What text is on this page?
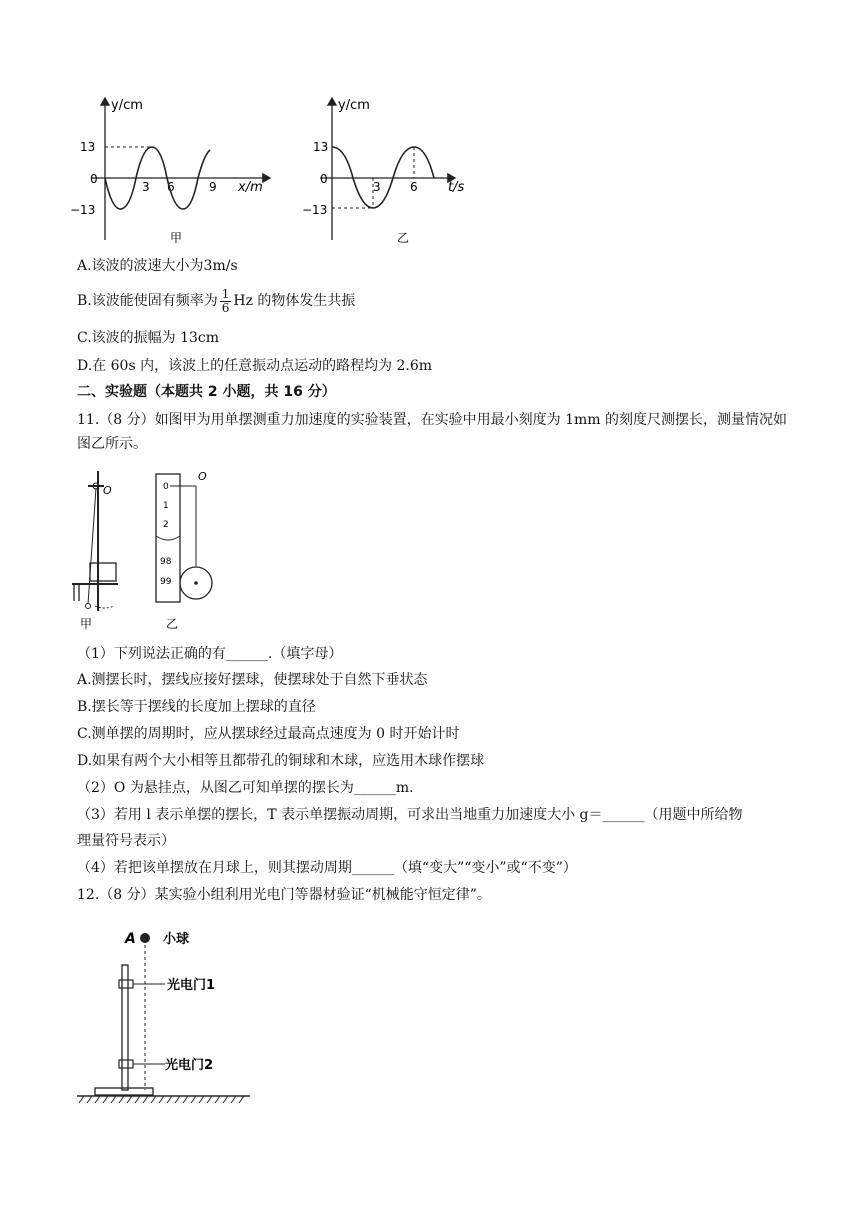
y/cm
x/m
13
0
−13
3 6	9
甲
y/cm
t/s
13
0
−13
3 6
乙
A.该波的波速大小为3m/s
B.该波能使固有频率为 $\frac{1}{6}$ Hz 的物体发生共振
C.该波的振幅为 13cm
D.在 60s 内，该波上的任意振动点运动的路程均为 2.6m
二、实验题（本题共 2 小题，共 16 分）
11.（8 分）如图甲为用单摆测重力加速度的实验装置，在实验中用最小刻度为 1mm 的刻度尺测摆长，测量情况如图乙所示。
O
甲
0
1
2
98
99
O
乙
（1）下列说法正确的有______.（填字母）
A.测摆长时，摆线应接好摆球，使摆球处于自然下垂状态
B.摆长等于摆线的长度加上摆球的直径
C.测单摆的周期时，应从摆球经过最高点速度为 0 时开始计时
D.如果有两个大小相等且都带孔的铜球和木球，应选用木球作摆球
（2）O 为悬挂点，从图乙可知单摆的摆长为______m.
（3）若用 l 表示单摆的摆长，T 表示单摆振动周期，可求出当地重力加速度大小 g＝______（用题中所给物
理量符号表示）
（4）若把该单摆放在月球上，则其摆动周期______（填“变大”“变小”或“不变”）
12.（8 分）某实验小组利用光电门等器材验证“机械能守恒定律”。
A 小球
光电门1
光电门2
